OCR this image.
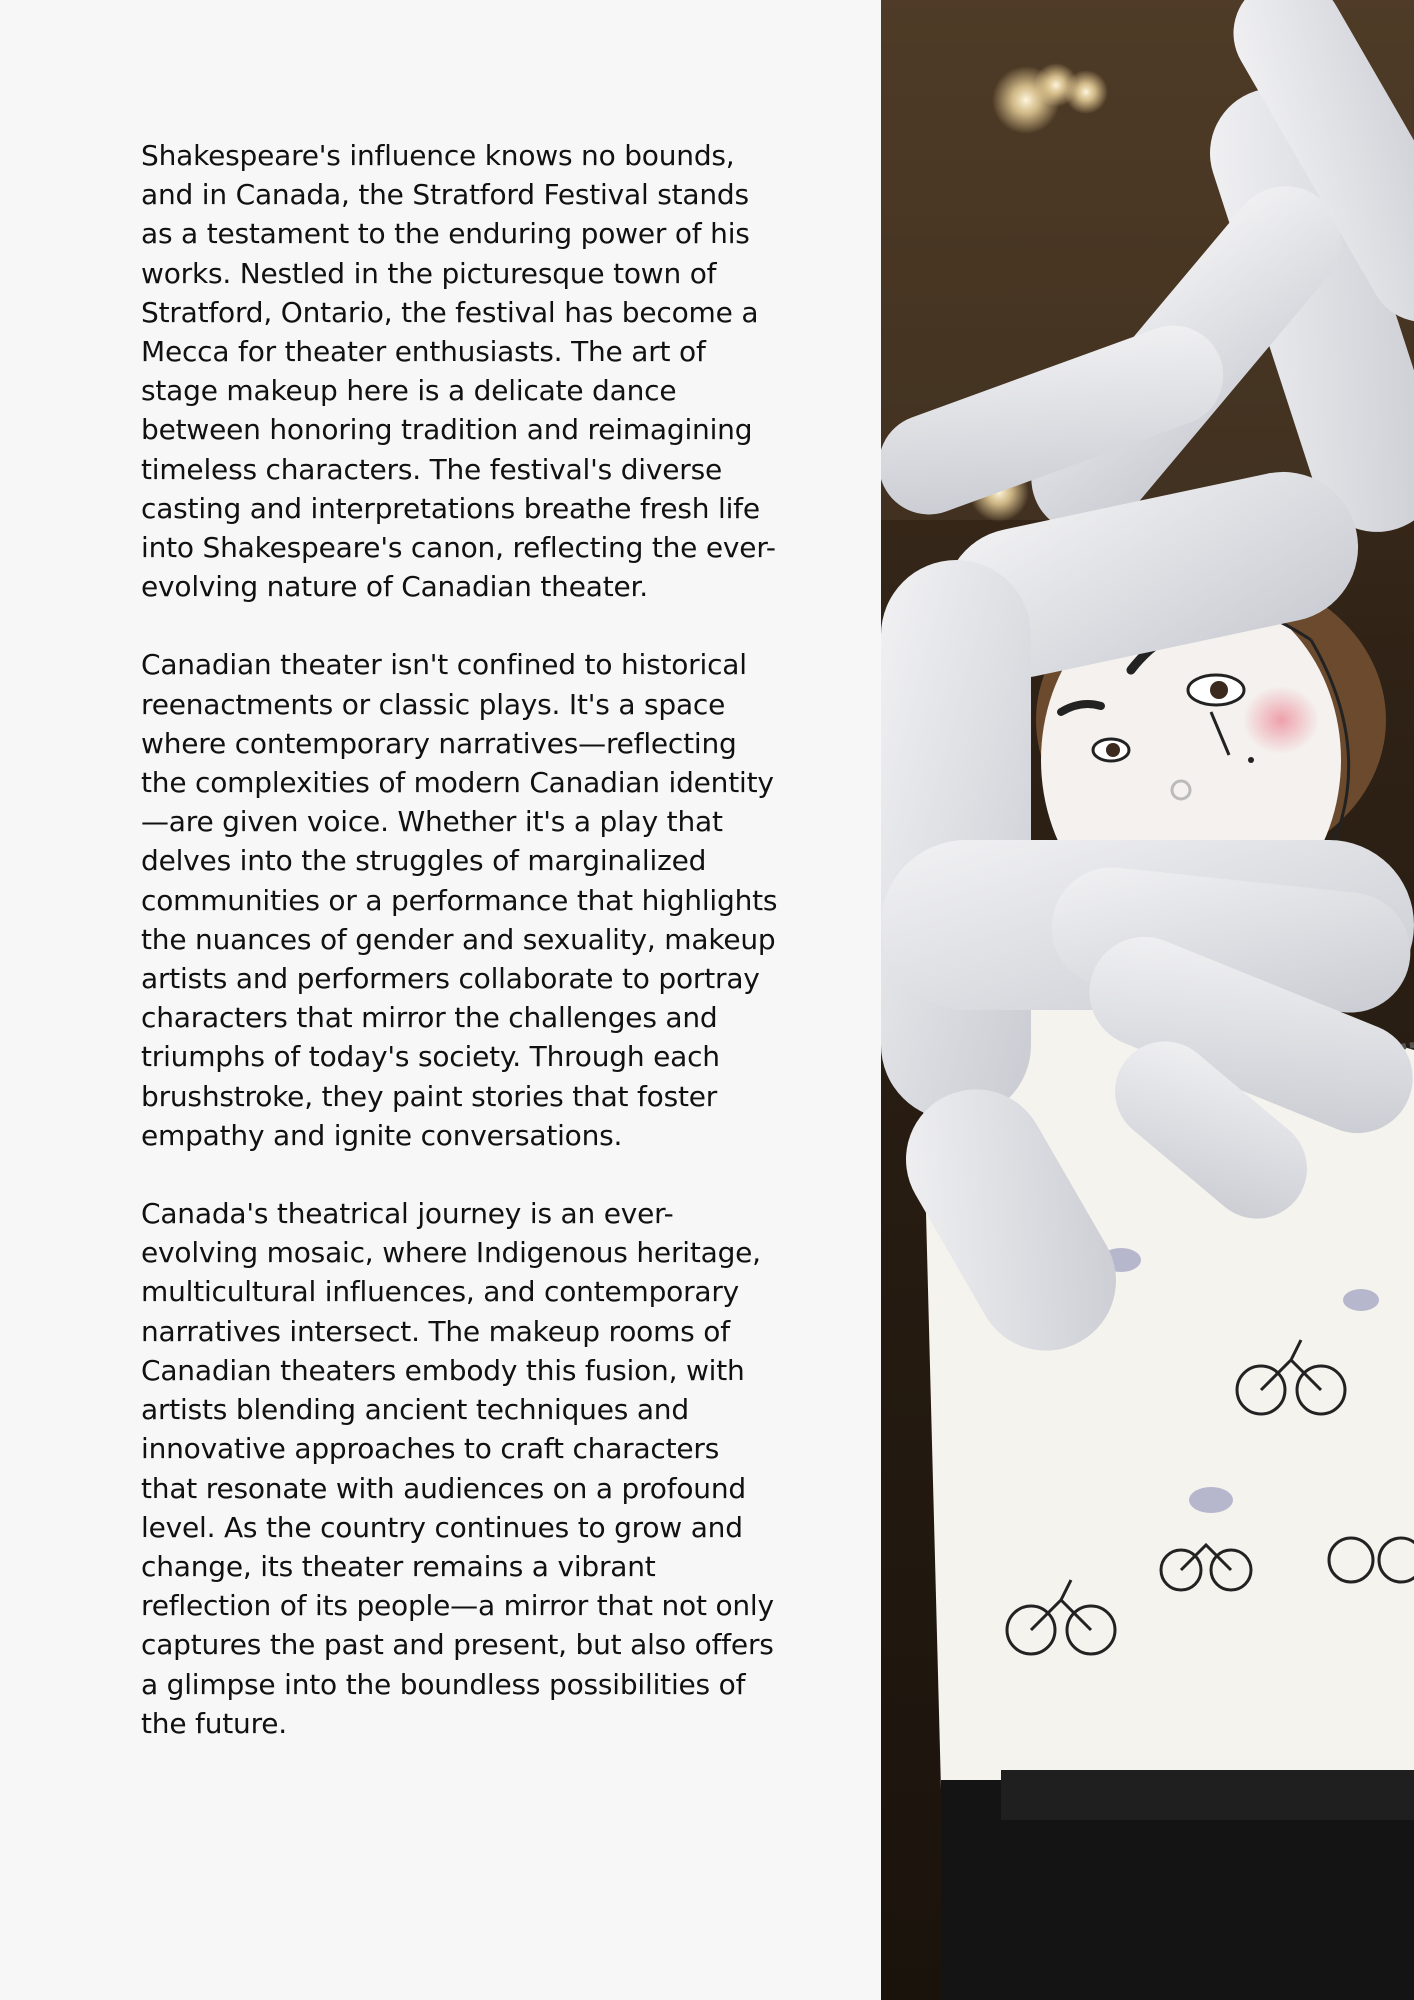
Shakespeare's influence knows no bounds, and in Canada, the Stratford Festival stands as a testament to the enduring power of his works. Nestled in the picturesque town of Stratford, Ontario, the festival has become a Mecca for theater enthusiasts. The art of stage makeup here is a delicate dance between honoring tradition and reimagining timeless characters. The festival's diverse casting and interpretations breathe fresh life into Shakespeare's canon, reflecting the ever-evolving nature of Canadian theater.

Canadian theater isn't confined to historical reenactments or classic plays. It's a space where contemporary narratives—reflecting the complexities of modern Canadian identity—are given voice. Whether it's a play that delves into the struggles of marginalized communities or a performance that highlights the nuances of gender and sexuality, makeup artists and performers collaborate to portray characters that mirror the challenges and triumphs of today's society. Through each brushstroke, they paint stories that foster empathy and ignite conversations.

Canada's theatrical journey is an ever-evolving mosaic, where Indigenous heritage, multicultural influences, and contemporary narratives intersect. The makeup rooms of Canadian theaters embody this fusion, with artists blending ancient techniques and innovative approaches to craft characters that resonate with audiences on a profound level. As the country continues to grow and change, its theater remains a vibrant reflection of its people—a mirror that not only captures the past and present, but also offers a glimpse into the boundless possibilities of the future.
